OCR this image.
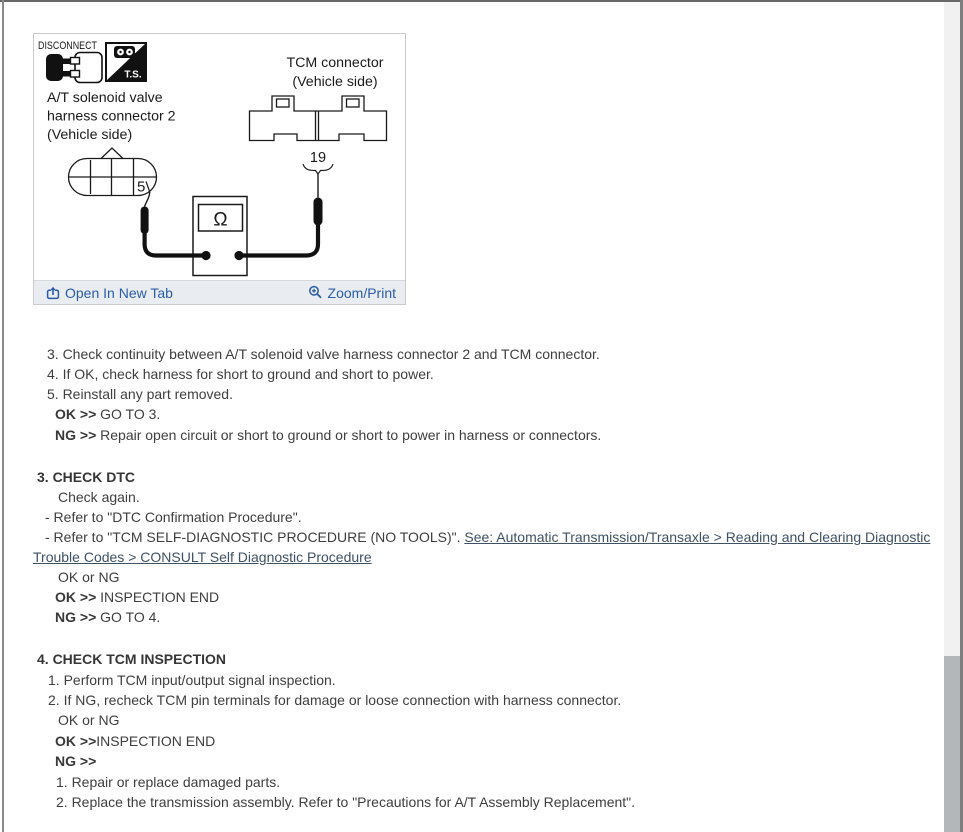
DISCONNECT
T.S.
A/T solenoid valve
harness connector 2
(Vehicle side)
TCM connector
(Vehicle side)
19
5
Ω
Open In New Tab	Zoom/Print
3. Check continuity between A/T solenoid valve harness connector 2 and TCM connector.
4. If OK, check harness for short to ground and short to power.
5. Reinstall any part removed.
OK >> GO TO 3.
NG >> Repair open circuit or short to ground or short to power in harness or connectors.
3. CHECK DTC
Check again.
- Refer to "DTC Confirmation Procedure".
- Refer to "TCM SELF-DIAGNOSTIC PROCEDURE (NO TOOLS)". See: Automatic Transmission/Transaxle > Reading and Clearing Diagnostic
Trouble Codes > CONSULT Self Diagnostic Procedure
OK or NG
OK >> INSPECTION END
NG >> GO TO 4.
4. CHECK TCM INSPECTION
1. Perform TCM input/output signal inspection.
2. If NG, recheck TCM pin terminals for damage or loose connection with harness connector.
OK or NG
OK >>INSPECTION END
NG >>
1. Repair or replace damaged parts.
2. Replace the transmission assembly. Refer to "Precautions for A/T Assembly Replacement".
